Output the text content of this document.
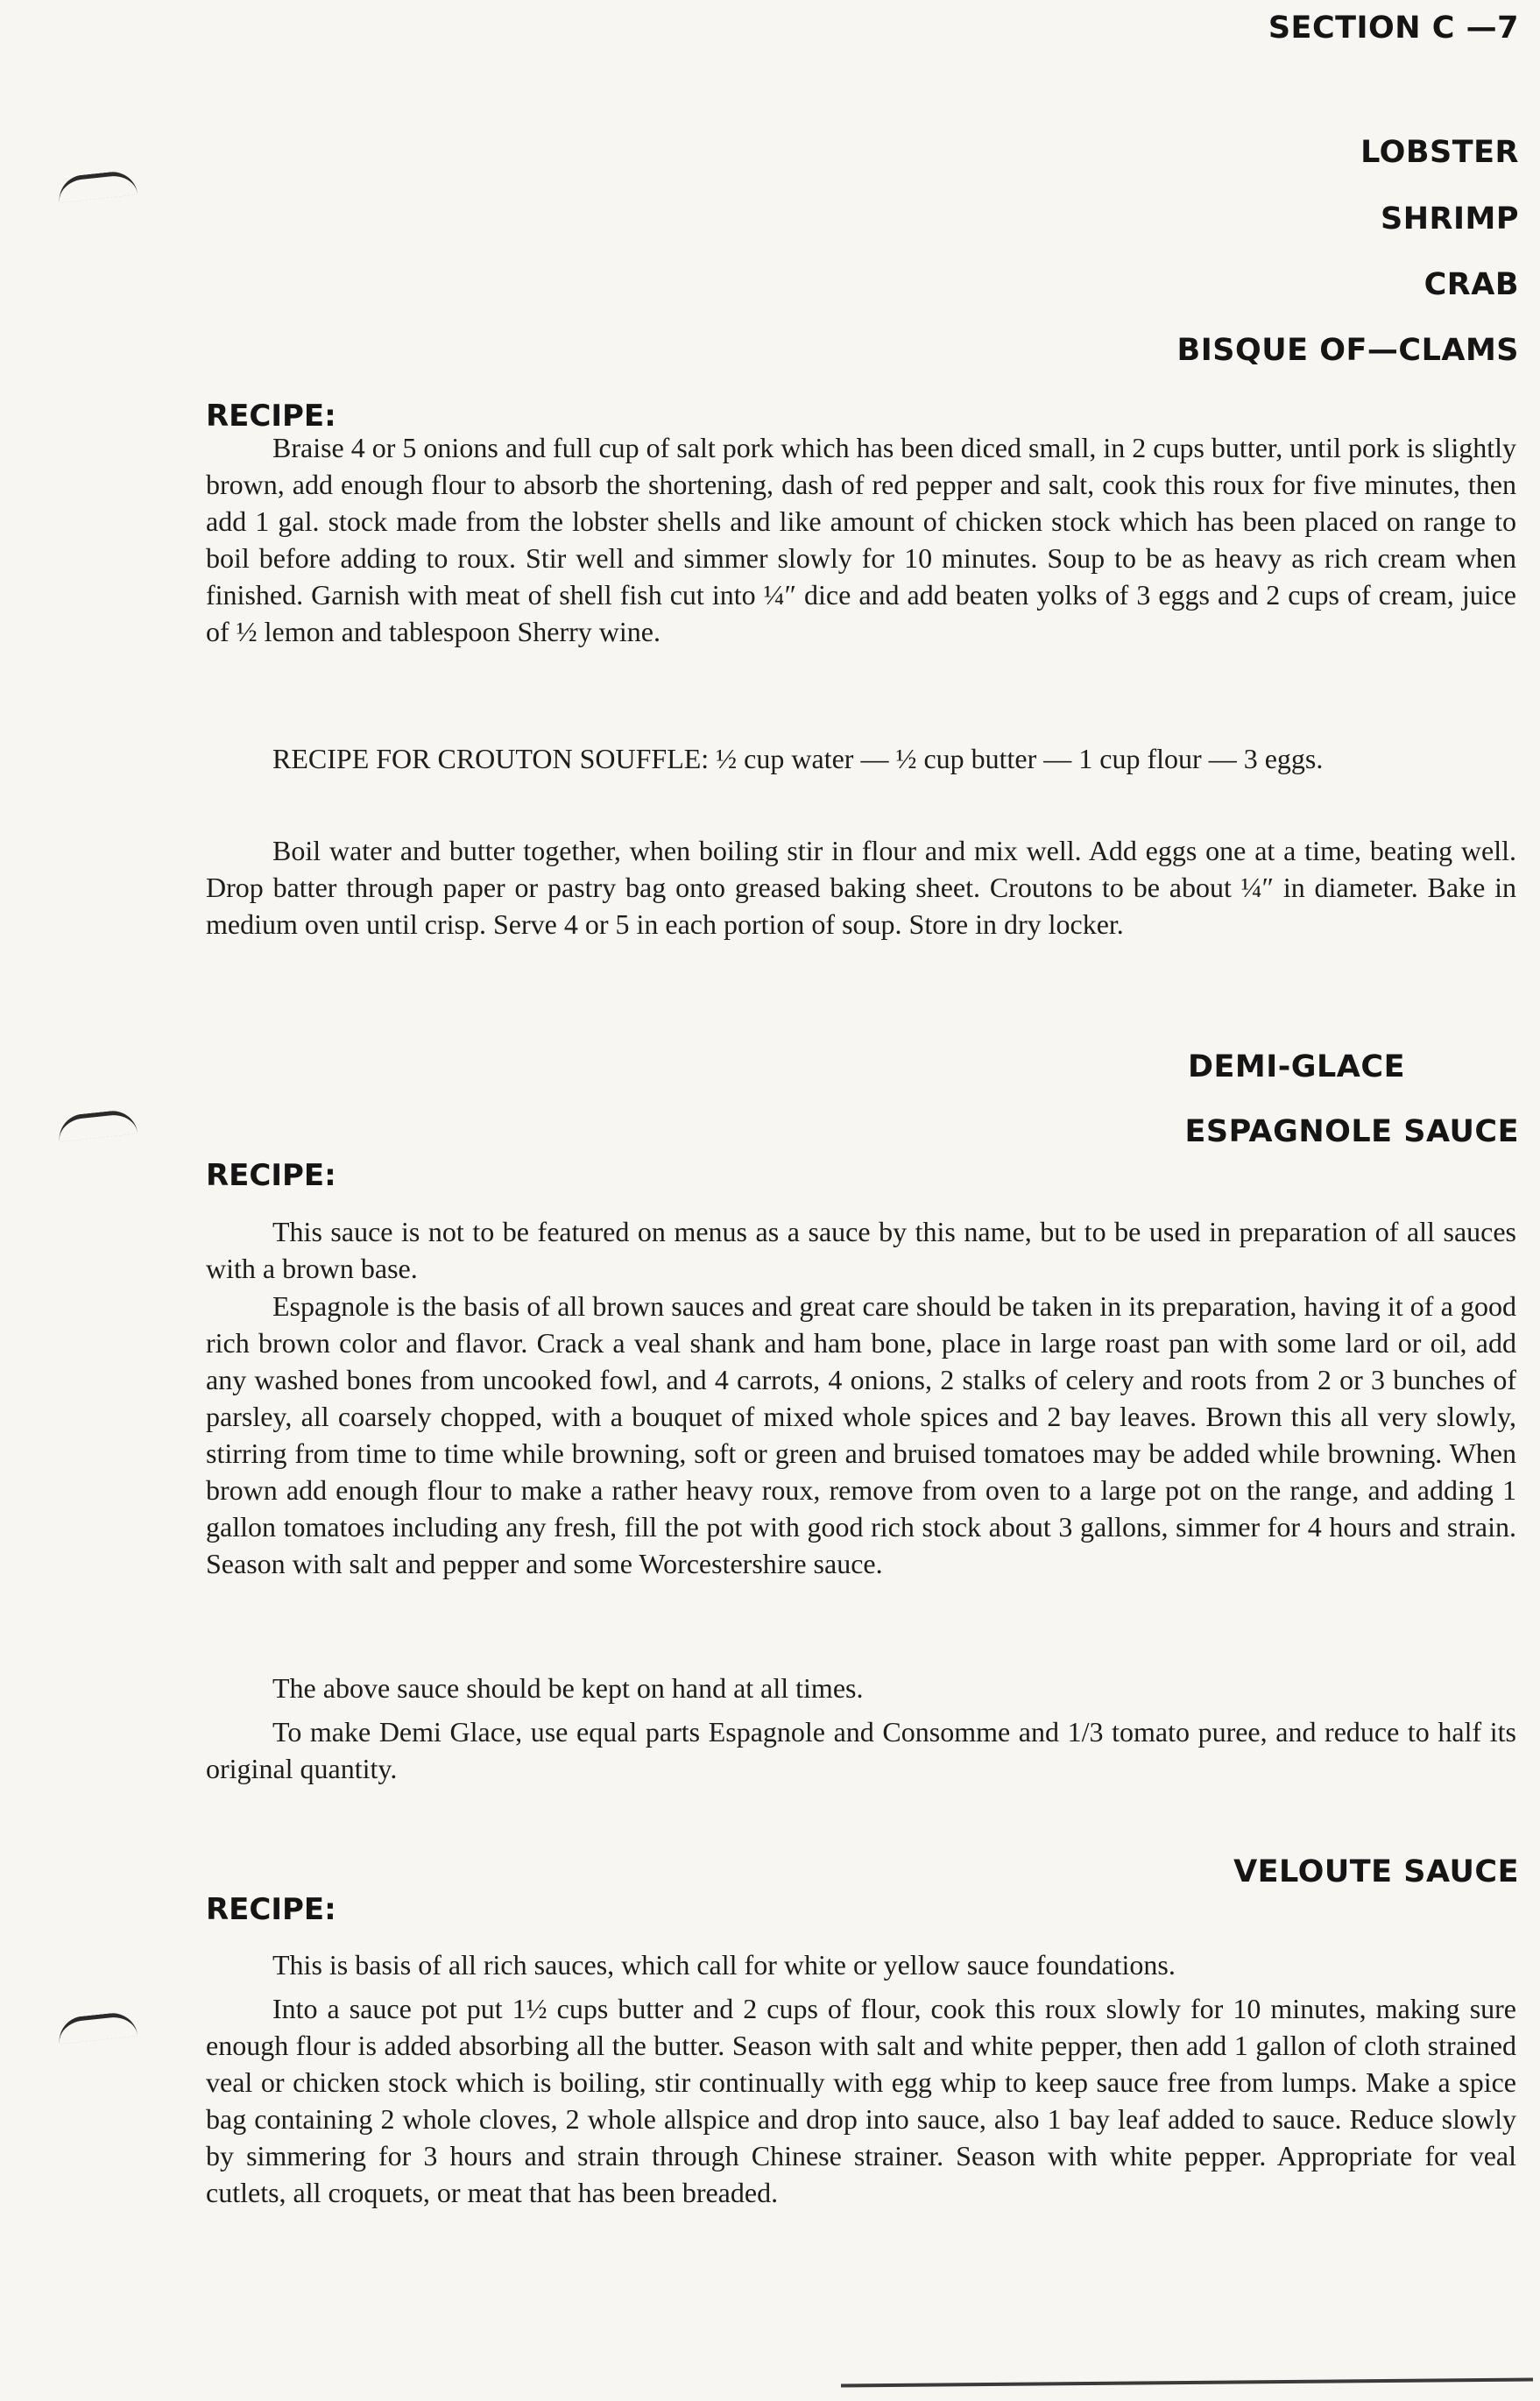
SECTION C —7
LOBSTER
SHRIMP
CRAB
BISQUE OF—CLAMS
RECIPE:

Braise 4 or 5 onions and full cup of salt pork which has been diced small, in 2 cups butter, until pork is slightly brown, add enough flour to absorb the shortening, dash of red pepper and salt, cook this roux for five minutes, then add 1 gal. stock made from the lobster shells and like amount of chicken stock which has been placed on range to boil before adding to roux. Stir well and simmer slowly for 10 minutes. Soup to be as heavy as rich cream when finished. Garnish with meat of shell fish cut into ¼″ dice and add beaten yolks of 3 eggs and 2 cups of cream, juice of ½ lemon and tablespoon Sherry wine.

RECIPE FOR CROUTON SOUFFLE: ½ cup water — ½ cup butter — 1 cup flour — 3 eggs.

Boil water and butter together, when boiling stir in flour and mix well. Add eggs one at a time, beating well. Drop batter through paper or pastry bag onto greased baking sheet. Croutons to be about ¼″ in diameter. Bake in medium oven until crisp. Serve 4 or 5 in each portion of soup. Store in dry locker.

DEMI-GLACE
ESPAGNOLE SAUCE
RECIPE:

This sauce is not to be featured on menus as a sauce by this name, but to be used in preparation of all sauces with a brown base.

Espagnole is the basis of all brown sauces and great care should be taken in its preparation, having it of a good rich brown color and flavor. Crack a veal shank and ham bone, place in large roast pan with some lard or oil, add any washed bones from uncooked fowl, and 4 carrots, 4 onions, 2 stalks of celery and roots from 2 or 3 bunches of parsley, all coarsely chopped, with a bouquet of mixed whole spices and 2 bay leaves. Brown this all very slowly, stirring from time to time while browning, soft or green and bruised tomatoes may be added while browning. When brown add enough flour to make a rather heavy roux, remove from oven to a large pot on the range, and adding 1 gallon tomatoes including any fresh, fill the pot with good rich stock about 3 gallons, simmer for 4 hours and strain. Season with salt and pepper and some Worcestershire sauce.

The above sauce should be kept on hand at all times.

To make Demi Glace, use equal parts Espagnole and Consomme and 1/3 tomato puree, and reduce to half its original quantity.

VELOUTE SAUCE
RECIPE:

This is basis of all rich sauces, which call for white or yellow sauce foundations.

Into a sauce pot put 1½ cups butter and 2 cups of flour, cook this roux slowly for 10 minutes, making sure enough flour is added absorbing all the butter. Season with salt and white pepper, then add 1 gallon of cloth strained veal or chicken stock which is boiling, stir continually with egg whip to keep sauce free from lumps. Make a spice bag containing 2 whole cloves, 2 whole allspice and drop into sauce, also 1 bay leaf added to sauce. Reduce slowly by simmering for 3 hours and strain through Chinese strainer. Season with white pepper. Appropriate for veal cutlets, all croquets, or meat that has been breaded.
